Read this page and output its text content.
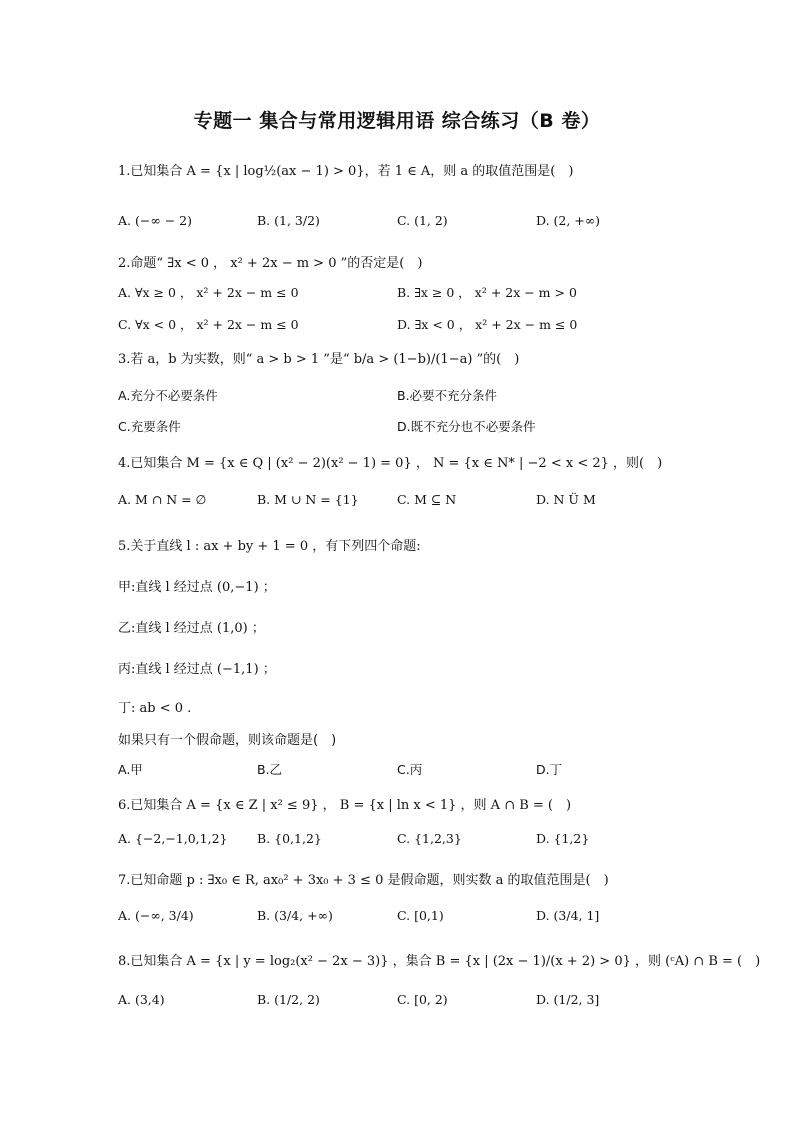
专题一 集合与常用逻辑用语 综合练习（B 卷）
1.已知集合 A = {x | log½(ax − 1) > 0}，若 1 ∈ A，则 a 的取值范围是(　)
A. (−∞ − 2)	B. (1, 3/2)	C. (1, 2)	D. (2, +∞)
2.命题“ ∃x < 0 ， x² + 2x − m > 0 ”的否定是(　)
A. ∀x ≥ 0 ， x² + 2x − m ≤ 0	B. ∃x ≥ 0 ， x² + 2x − m > 0
C. ∀x < 0 ， x² + 2x − m ≤ 0	D. ∃x < 0 ， x² + 2x − m ≤ 0
3.若 a，b 为实数，则“ a > b > 1 ”是“ b/a > (1−b)/(1−a) ”的(　)
A.充分不必要条件	B.必要不充分条件
C.充要条件	D.既不充分也不必要条件
4.已知集合 M = {x ∈ Q | (x² − 2)(x² − 1) = 0} ， N = {x ∈ N* | −2 < x < 2} ，则(　)
A. M ∩ N = ∅	B. M ∪ N = {1}	C. M ⊆ N	D. N Ü M
5.关于直线 l : ax + by + 1 = 0 ，有下列四个命题:
甲:直线 l 经过点 (0,−1) ；
乙:直线 l 经过点 (1,0) ；
丙:直线 l 经过点 (−1,1) ；
丁: ab < 0 .
如果只有一个假命题，则该命题是(　)
A.甲	B.乙	C.丙	D.丁
6.已知集合 A = {x ∈ Z | x² ≤ 9} ， B = {x | ln x < 1} ，则 A ∩ B = (　)
A. {−2,−1,0,1,2} B. {0,1,2}	C. {1,2,3}	D. {1,2}
7.已知命题 p : ∃x₀ ∈ R, ax₀² + 3x₀ + 3 ≤ 0 是假命题，则实数 a 的取值范围是(　)
A. (−∞, 3/4)	B. (3/4, +∞)	C. [0,1)	D. (3/4, 1]
8.已知集合 A = {x | y = log₂(x² − 2x − 3)} ，集合 B = {x | (2x − 1)/(x + 2) > 0} ，则 (ᶜA) ∩ B = (　)
A. (3,4)	B. (1/2, 2)	C. [0, 2)	D. (1/2, 3]
